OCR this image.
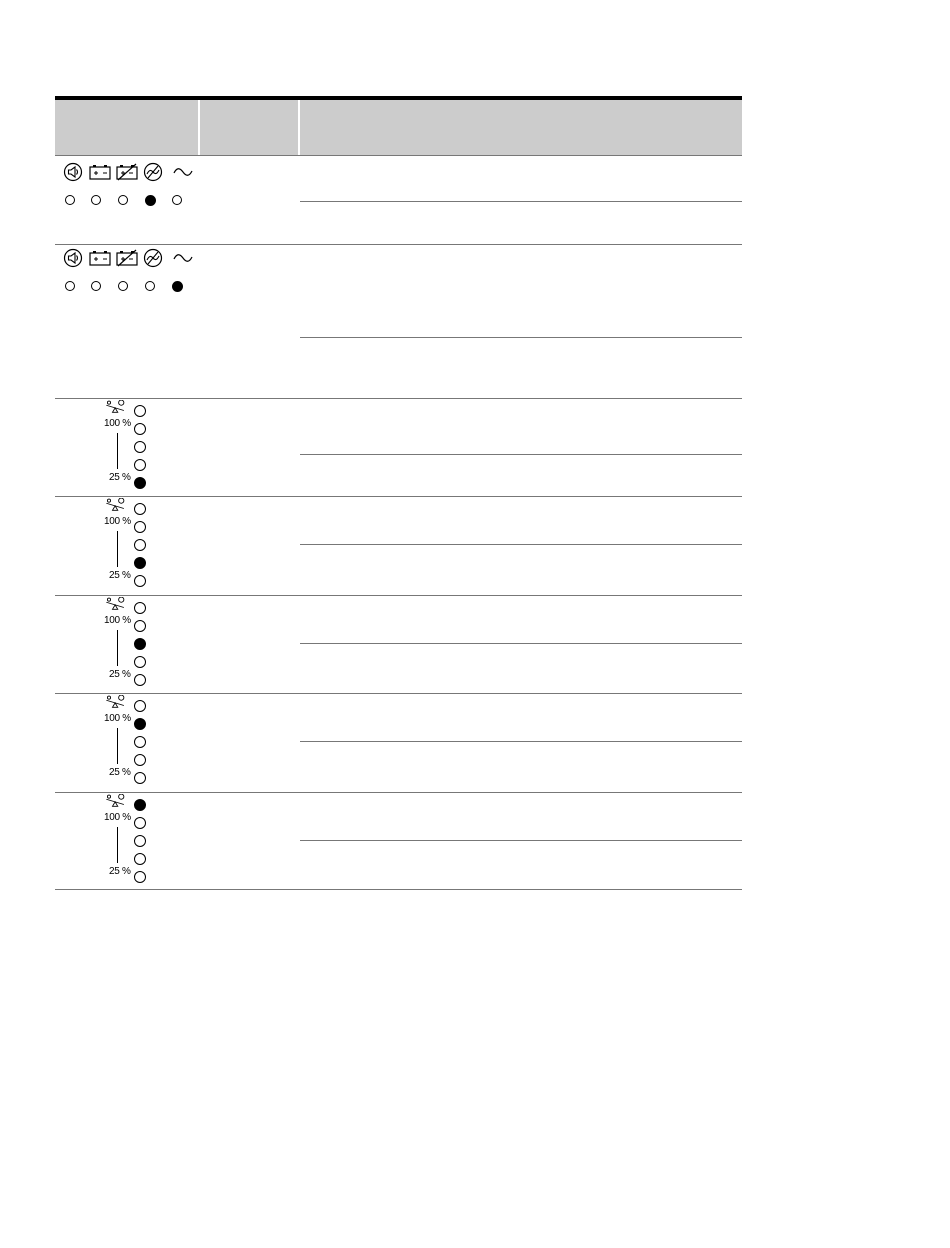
100 %
25 %
100 %
25 %
100 %
25 %
100 %
25 %
100 %
25 %
